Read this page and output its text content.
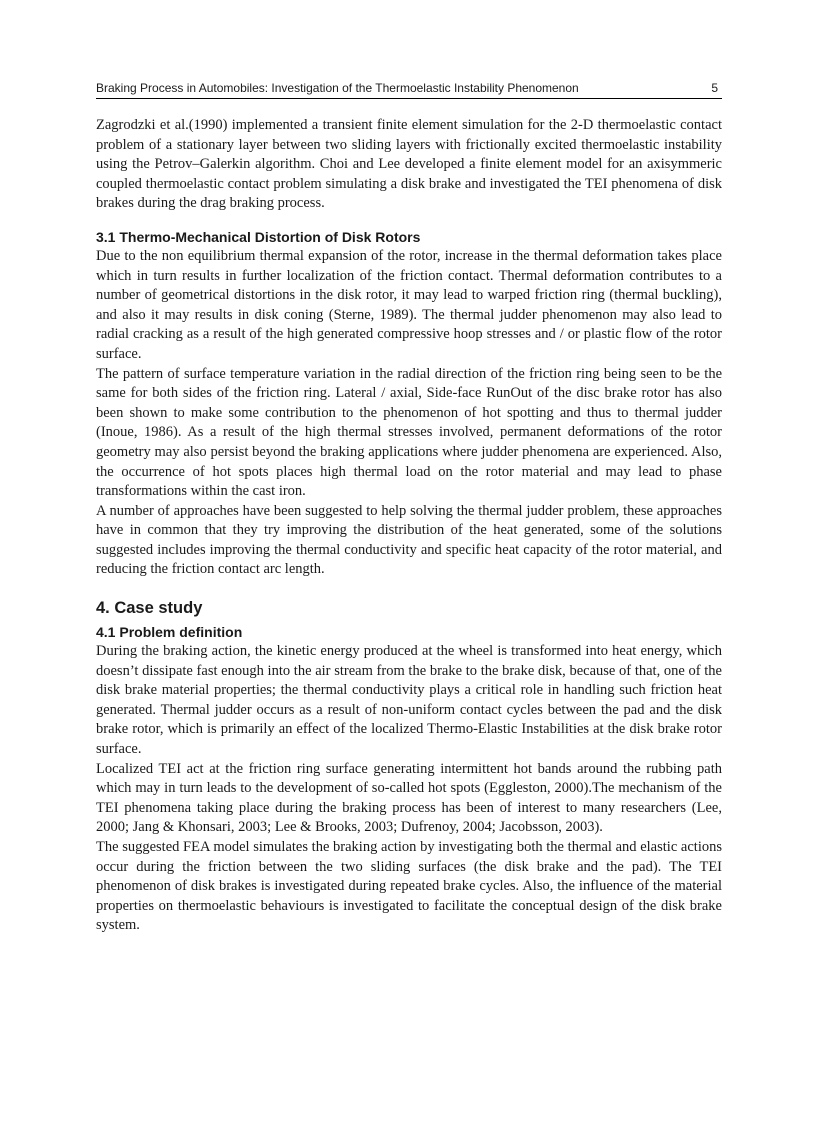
Braking Process in Automobiles: Investigation of the Thermoelastic Instability Phenomenon	5

Zagrodzki et al.(1990) implemented a transient finite element simulation for the 2-D thermoelastic contact problem of a stationary layer between two sliding layers with frictionally excited thermoelastic instability using the Petrov–Galerkin algorithm. Choi and Lee developed a finite element model for an axisymmeric coupled thermoelastic contact problem simulating a disk brake and investigated the TEI phenomena of disk brakes during the drag braking process.

3.1 Thermo-Mechanical Distortion of Disk Rotors

Due to the non equilibrium thermal expansion of the rotor, increase in the thermal deformation takes place which in turn results in further localization of the friction contact. Thermal deformation contributes to a number of geometrical distortions in the disk rotor, it may lead to warped friction ring (thermal buckling), and also it may results in disk coning (Sterne, 1989). The thermal judder phenomenon may also lead to radial cracking as a result of the high generated compressive hoop stresses and / or plastic flow of the rotor surface.

The pattern of surface temperature variation in the radial direction of the friction ring being seen to be the same for both sides of the friction ring. Lateral / axial, Side-face RunOut of the disc brake rotor has also been shown to make some contribution to the phenomenon of hot spotting and thus to thermal judder (Inoue, 1986). As a result of the high thermal stresses involved, permanent deformations of the rotor geometry may also persist beyond the braking applications where judder phenomena are experienced. Also, the occurrence of hot spots places high thermal load on the rotor material and may lead to phase transformations within the cast iron.

A number of approaches have been suggested to help solving the thermal judder problem, these approaches have in common that they try improving the distribution of the heat generated, some of the solutions suggested includes improving the thermal conductivity and specific heat capacity of the rotor material, and reducing the friction contact arc length.

4. Case study
4.1 Problem definition

During the braking action, the kinetic energy produced at the wheel is transformed into heat energy, which doesn’t dissipate fast enough into the air stream from the brake to the brake disk, because of that, one of the disk brake material properties; the thermal conductivity plays a critical role in handling such friction heat generated. Thermal judder occurs as a result of non-uniform contact cycles between the pad and the disk brake rotor, which is primarily an effect of the localized Thermo-Elastic Instabilities at the disk brake rotor surface.

Localized TEI act at the friction ring surface generating intermittent hot bands around the rubbing path which may in turn leads to the development of so-called hot spots (Eggleston, 2000).The mechanism of the TEI phenomena taking place during the braking process has been of interest to many researchers (Lee, 2000; Jang & Khonsari, 2003; Lee & Brooks, 2003; Dufrenoy, 2004; Jacobsson, 2003).

The suggested FEA model simulates the braking action by investigating both the thermal and elastic actions occur during the friction between the two sliding surfaces (the disk brake and the pad). The TEI phenomenon of disk brakes is investigated during repeated brake cycles. Also, the influence of the material properties on thermoelastic behaviours is investigated to facilitate the conceptual design of the disk brake system.
